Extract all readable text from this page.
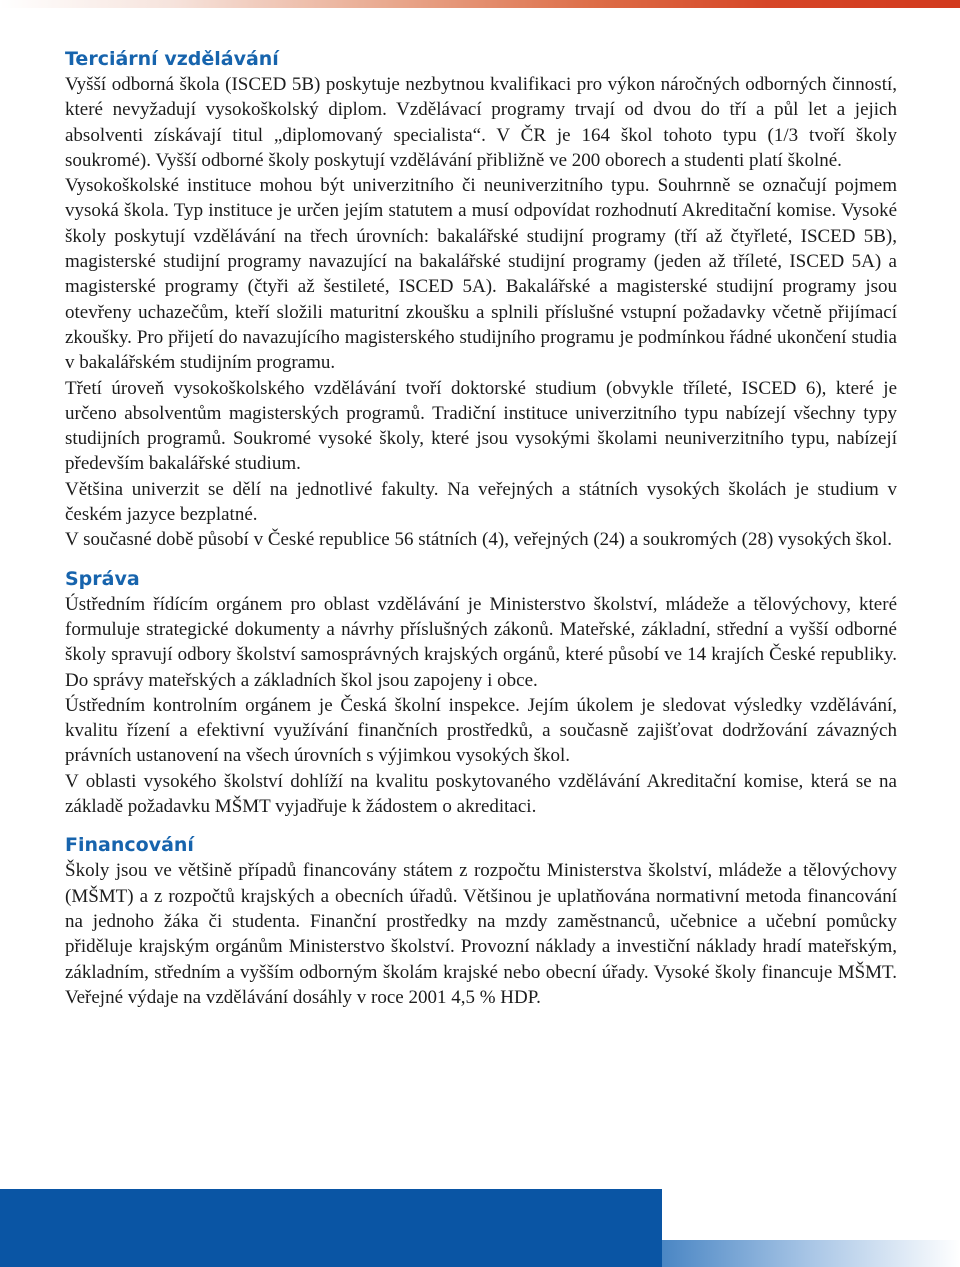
Terciární vzdělávání

Vyšší odborná škola (ISCED 5B) poskytuje nezbytnou kvalifikaci pro výkon náročných odborných činností, které nevyžadují vysokoškolský diplom. Vzdělávací programy trvají od dvou do tří a půl let a jejich absolventi získávají titul „diplomovaný specialista“. V ČR je 164 škol tohoto typu (1/3 tvoří školy soukromé). Vyšší odborné školy poskytují vzdělávání přibližně ve 200 oborech a studenti platí školné.

Vysokoškolské instituce mohou být univerzitního či neuniverzitního typu. Souhrnně se označují pojmem vysoká škola. Typ instituce je určen jejím statutem a musí odpovídat rozhodnutí Akreditační komise. Vysoké školy poskytují vzdělávání na třech úrovních: bakalářské studijní programy (tří až čtyřleté, ISCED 5B), magisterské studijní programy navazující na bakalářské studijní programy (jeden až tříleté, ISCED 5A) a magisterské programy (čtyři až šestileté, ISCED 5A). Bakalářské a magisterské studijní programy jsou otevřeny uchazečům, kteří složili maturitní zkoušku a splnili příslušné vstupní požadavky včetně přijímací zkoušky. Pro přijetí do navazujícího magisterského studijního programu je podmínkou řádné ukončení studia v bakalářském studijním programu.

Třetí úroveň vysokoškolského vzdělávání tvoří doktorské studium (obvykle tříleté, ISCED 6), které je určeno absolventům magisterských programů. Tradiční instituce univerzitního typu nabízejí všechny typy studijních programů. Soukromé vysoké školy, které jsou vysokými školami neuniverzitního typu, nabízejí především bakalářské studium.

Většina univerzit se dělí na jednotlivé fakulty. Na veřejných a státních vysokých školách je studium v českém jazyce bezplatné.

V současné době působí v České republice 56 státních (4), veřejných (24) a soukromých (28) vysokých škol.

Správa

Ústředním řídícím orgánem pro oblast vzdělávání je Ministerstvo školství, mládeže a tělovýchovy, které formuluje strategické dokumenty a návrhy příslušných zákonů. Mateřské, základní, střední a vyšší odborné školy spravují odbory školství samosprávných krajských orgánů, které působí ve 14 krajích České republiky. Do správy mateřských a základních škol jsou zapojeny i obce.

Ústředním kontrolním orgánem je Česká školní inspekce. Jejím úkolem je sledovat výsledky vzdělávání, kvalitu řízení a efektivní využívání finančních prostředků, a současně zajišťovat dodržování závazných právních ustanovení na všech úrovních s výjimkou vysokých škol.

V oblasti vysokého školství dohlíží na kvalitu poskytovaného vzdělávání Akreditační komise, která se na základě požadavku MŠMT vyjadřuje k žádostem o akreditaci.

Financování

Školy jsou ve většině případů financovány státem z rozpočtu Ministerstva školství, mládeže a tělovýchovy (MŠMT) a z rozpočtů krajských a obecních úřadů. Většinou je uplatňována normativní metoda financování na jednoho žáka či studenta. Finanční prostředky na mzdy zaměstnanců, učebnice a učební pomůcky přiděluje krajským orgánům Ministerstvo školství. Provozní náklady a investiční náklady hradí mateřským, základním, středním a vyšším odborným školám krajské nebo obecní úřady. Vysoké školy financuje MŠMT. Veřejné výdaje na vzdělávání dosáhly v roce 2001 4,5 % HDP.
